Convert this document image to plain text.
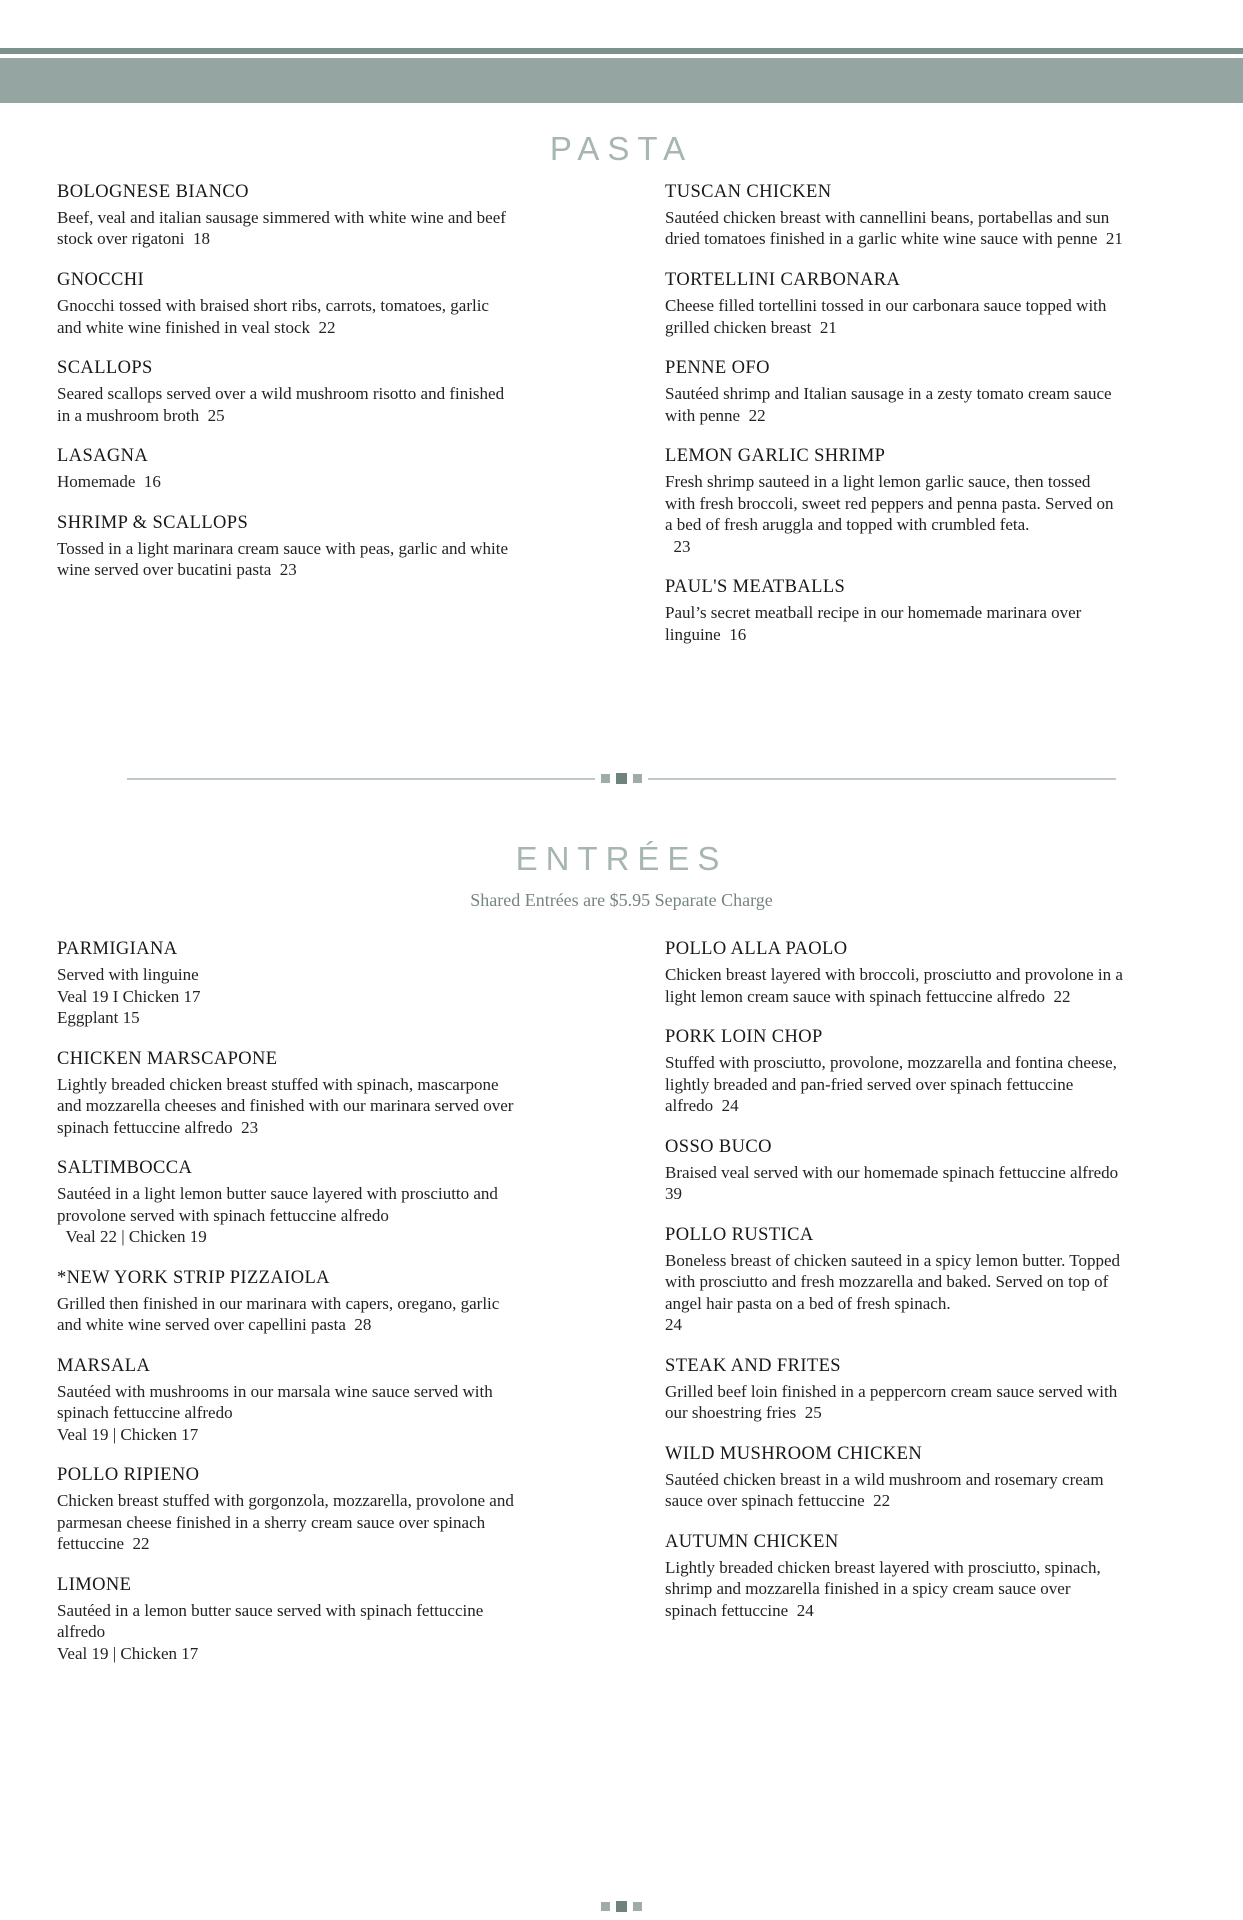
PASTA
BOLOGNESE BIANCO

Beef, veal and italian sausage simmered with white wine and beef stock over rigatoni  18

GNOCCHI

Gnocchi tossed with braised short ribs, carrots, tomatoes, garlic and white wine finished in veal stock  22

SCALLOPS

Seared scallops served over a wild mushroom risotto and finished in a mushroom broth  25

LASAGNA

Homemade  16

SHRIMP & SCALLOPS

Tossed in a light marinara cream sauce with peas, garlic and white wine served over bucatini pasta  23

TUSCAN CHICKEN

Sautéed chicken breast with cannellini beans, portabellas and sun dried tomatoes finished in a garlic white wine sauce with penne  21

TORTELLINI CARBONARA

Cheese filled tortellini tossed in our carbonara sauce topped with grilled chicken breast  21

PENNE OFO

Sautéed shrimp and Italian sausage in a zesty tomato cream sauce with penne  22

LEMON GARLIC SHRIMP

Fresh shrimp sauteed in a light lemon garlic sauce, then tossed with fresh broccoli, sweet red peppers and penna pasta. Served on a bed of fresh aruggla and topped with crumbled feta.

23

PAUL'S MEATBALLS

Paul’s secret meatball recipe in our homemade marinara over linguine  16

ENTRÉES

Shared Entrées are $5.95 Separate Charge

PARMIGIANA

Served with linguine

Veal 19 I Chicken 17

Eggplant 15

CHICKEN MARSCAPONE

Lightly breaded chicken breast stuffed with spinach, mascarpone and mozzarella cheeses and finished with our marinara served over spinach fettuccine alfredo  23

SALTIMBOCCA

Sautéed in a light lemon butter sauce layered with prosciutto and provolone served with spinach fettuccine alfredo

Veal 22 | Chicken 19

*NEW YORK STRIP PIZZAIOLA

Grilled then finished in our marinara with capers, oregano, garlic and white wine served over capellini pasta  28

MARSALA

Sautéed with mushrooms in our marsala wine sauce served with spinach fettuccine alfredo

Veal 19 | Chicken 17

POLLO RIPIENO

Chicken breast stuffed with gorgonzola, mozzarella, provolone and parmesan cheese finished in a sherry cream sauce over spinach fettuccine  22

LIMONE

Sautéed in a lemon butter sauce served with spinach fettuccine alfredo

Veal 19 | Chicken 17

POLLO ALLA PAOLO

Chicken breast layered with broccoli, prosciutto and provolone in a light lemon cream sauce with spinach fettuccine alfredo  22

PORK LOIN CHOP

Stuffed with prosciutto, provolone, mozzarella and fontina cheese, lightly breaded and pan-fried served over spinach fettuccine alfredo  24

OSSO BUCO

Braised veal served with our homemade spinach fettuccine alfredo  39

POLLO RUSTICA

Boneless breast of chicken sauteed in a spicy lemon butter. Topped with prosciutto and fresh mozzarella and baked. Served on top of angel hair pasta on a bed of fresh spinach.

24

STEAK AND FRITES

Grilled beef loin finished in a peppercorn cream sauce served with our shoestring fries  25

WILD MUSHROOM CHICKEN

Sautéed chicken breast in a wild mushroom and rosemary cream sauce over spinach fettuccine  22

AUTUMN CHICKEN

Lightly breaded chicken breast layered with prosciutto, spinach, shrimp and mozzarella finished in a spicy cream sauce over spinach fettuccine  24
